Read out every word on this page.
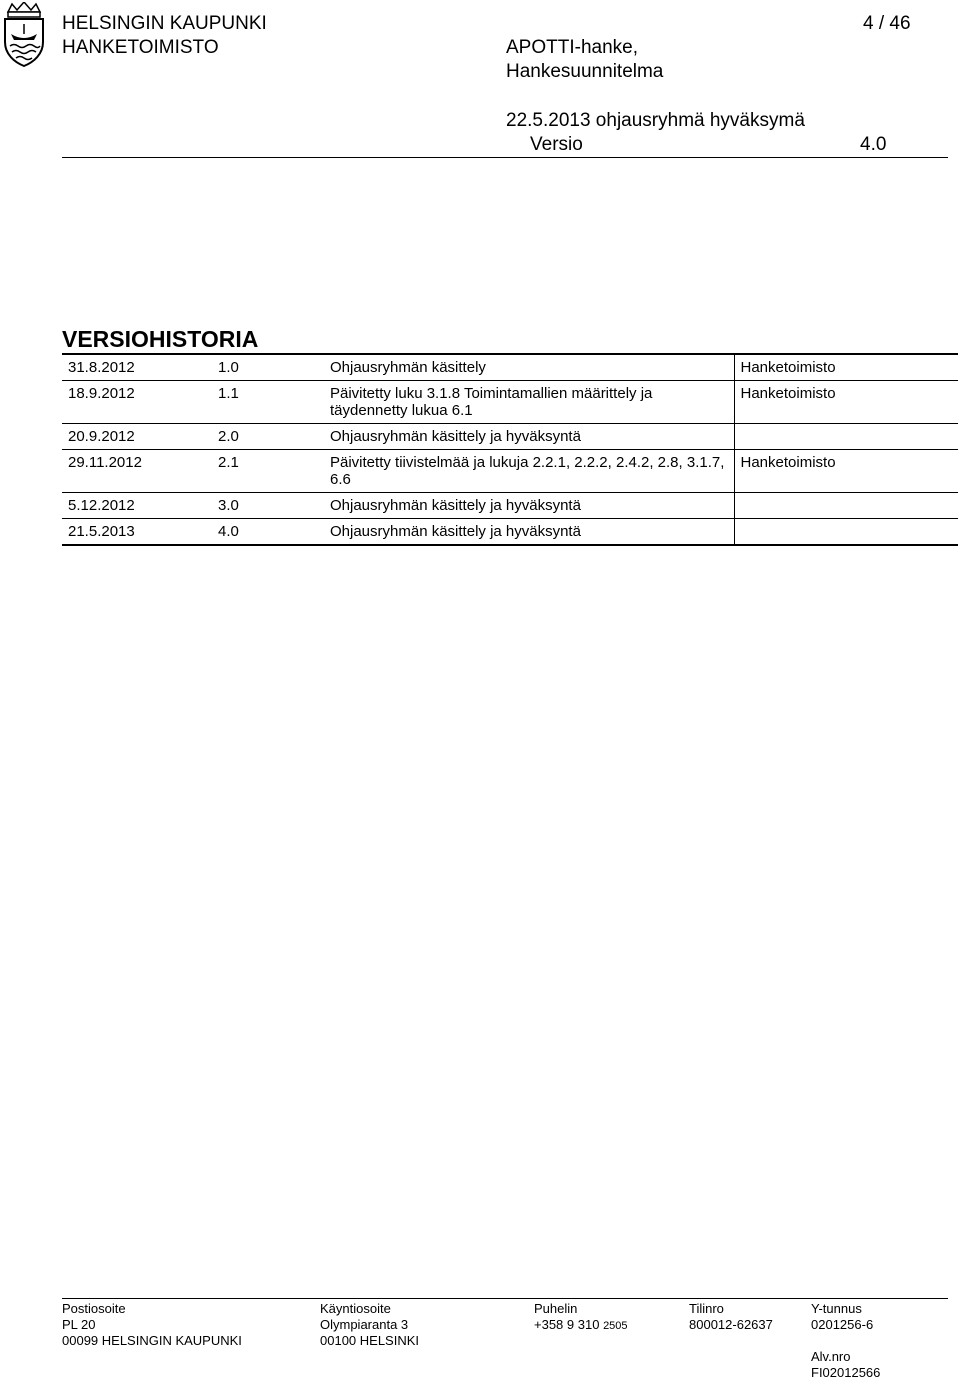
HELSINGIN KAUPUNKI
HANKETOIMISTO
4 / 46
APOTTI-hanke,
Hankesuunnitelma
22.5.2013 ohjausryhmä hyväksymä
Versio	4.0
VERSIOHISTORIA
31.8.2012	1.0	Ohjausryhmän käsittely	Hanketoimisto
18.9.2012	1.1	Päivitetty luku 3.1.8 Toimintamallien määrittely ja täydennetty lukua 6.1	Hanketoimisto
20.9.2012	2.0	Ohjausryhmän käsittely ja hyväksyntä	
29.11.2012	2.1	Päivitetty tiivistelmää ja lukuja 2.2.1, 2.2.2, 2.4.2, 2.8, 3.1.7, 6.6	Hanketoimisto
5.12.2012	3.0	Ohjausryhmän käsittely ja hyväksyntä	
21.5.2013	4.0	Ohjausryhmän käsittely ja hyväksyntä	
Postiosoite
PL 20
00099 HELSINGIN KAUPUNKI
Käyntiosoite
Olympiaranta 3
00100 HELSINKI
Puhelin
+358 9 310 2505
Tilinro
800012-62637
Y-tunnus
0201256-6
Alv.nro
FI02012566
